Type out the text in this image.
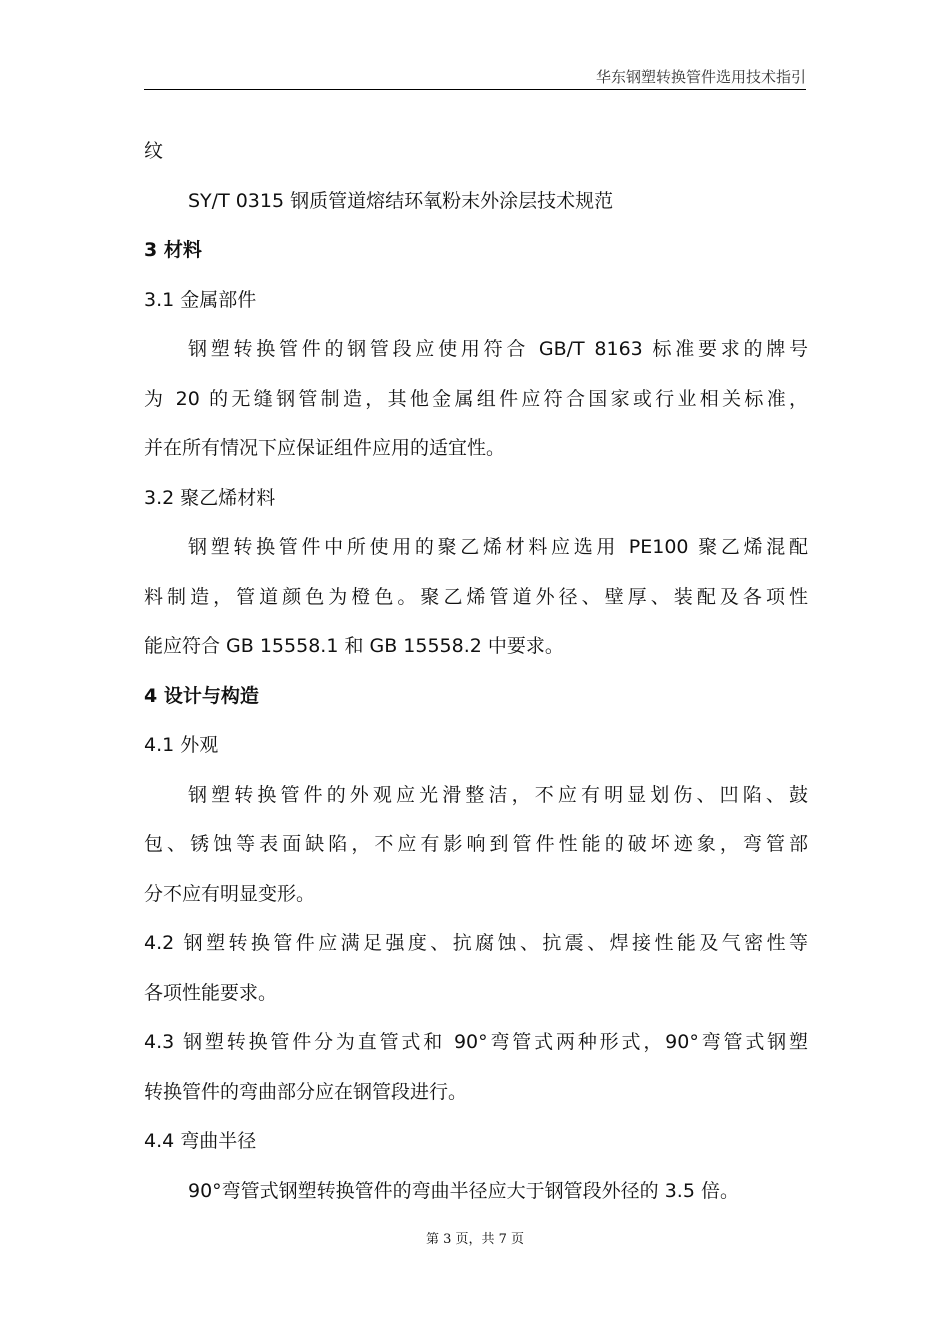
华东钢塑转换管件选用技术指引
纹
SY/T 0315 钢质管道熔结环氧粉末外涂层技术规范
3 材料
3.1 金属部件
钢塑转换管件的钢管段应使用符合 GB/T 8163 标准要求的牌号
为 20 的无缝钢管制造，其他金属组件应符合国家或行业相关标准，
并在所有情况下应保证组件应用的适宜性。
3.2 聚乙烯材料
钢塑转换管件中所使用的聚乙烯材料应选用 PE100 聚乙烯混配
料制造，管道颜色为橙色。聚乙烯管道外径、壁厚、装配及各项性
能应符合 GB 15558.1 和 GB 15558.2 中要求。
4 设计与构造
4.1 外观
钢塑转换管件的外观应光滑整洁，不应有明显划伤、凹陷、鼓
包、锈蚀等表面缺陷，不应有影响到管件性能的破坏迹象，弯管部
分不应有明显变形。
4.2 钢塑转换管件应满足强度、抗腐蚀、抗震、焊接性能及气密性等
各项性能要求。
4.3 钢塑转换管件分为直管式和 90°弯管式两种形式，90°弯管式钢塑
转换管件的弯曲部分应在钢管段进行。
4.4 弯曲半径
90°弯管式钢塑转换管件的弯曲半径应大于钢管段外径的 3.5 倍。
第 3 页，共 7 页
